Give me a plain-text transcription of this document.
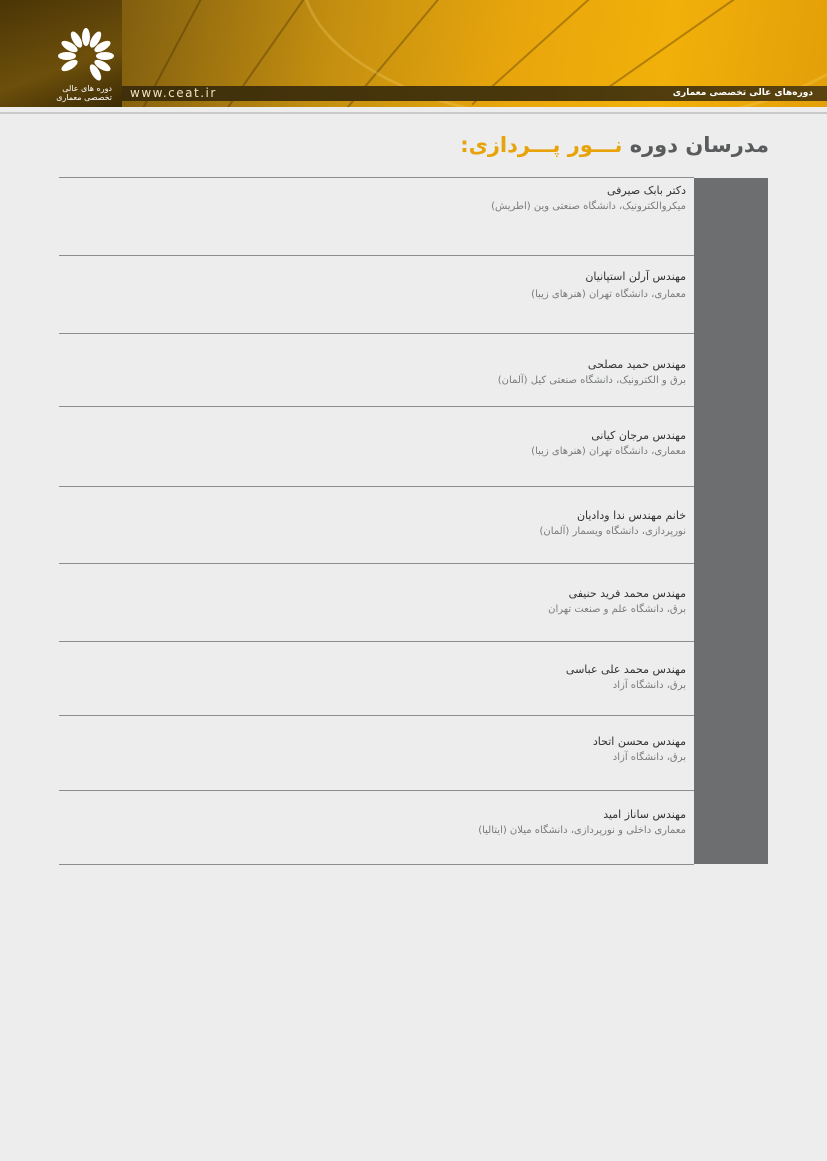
دوره های عالی
تخصصی معماری www.ceat.ir	دوره‌های عالی تخصصی معماری
مدرسان دوره نـــور پـــردازی:
دکتر بابک صیرفی
میکروالکترونیک، دانشگاه صنعتی وین (اطریش)
مهندس آرلن استپانیان
معماری، دانشگاه تهران (هنرهای زیبا)
مهندس حمید مصلحی
برق و الکترونیک، دانشگاه صنعتی کیل (آلمان)
مهندس مرجان کیانی
معماری، دانشگاه تهران (هنرهای زیبا)
خانم مهندس ندا ودادیان
نورپردازی، دانشگاه ویسمار (آلمان)
مهندس محمد فرید حنیفی
برق، دانشگاه علم و صنعت تهران
مهندس محمد علی عباسی
برق، دانشگاه آزاد
مهندس محسن اتحاد
برق، دانشگاه آزاد
مهندس ساناز امید
معماری داخلی و نورپردازی، دانشگاه میلان (ایتالیا)
